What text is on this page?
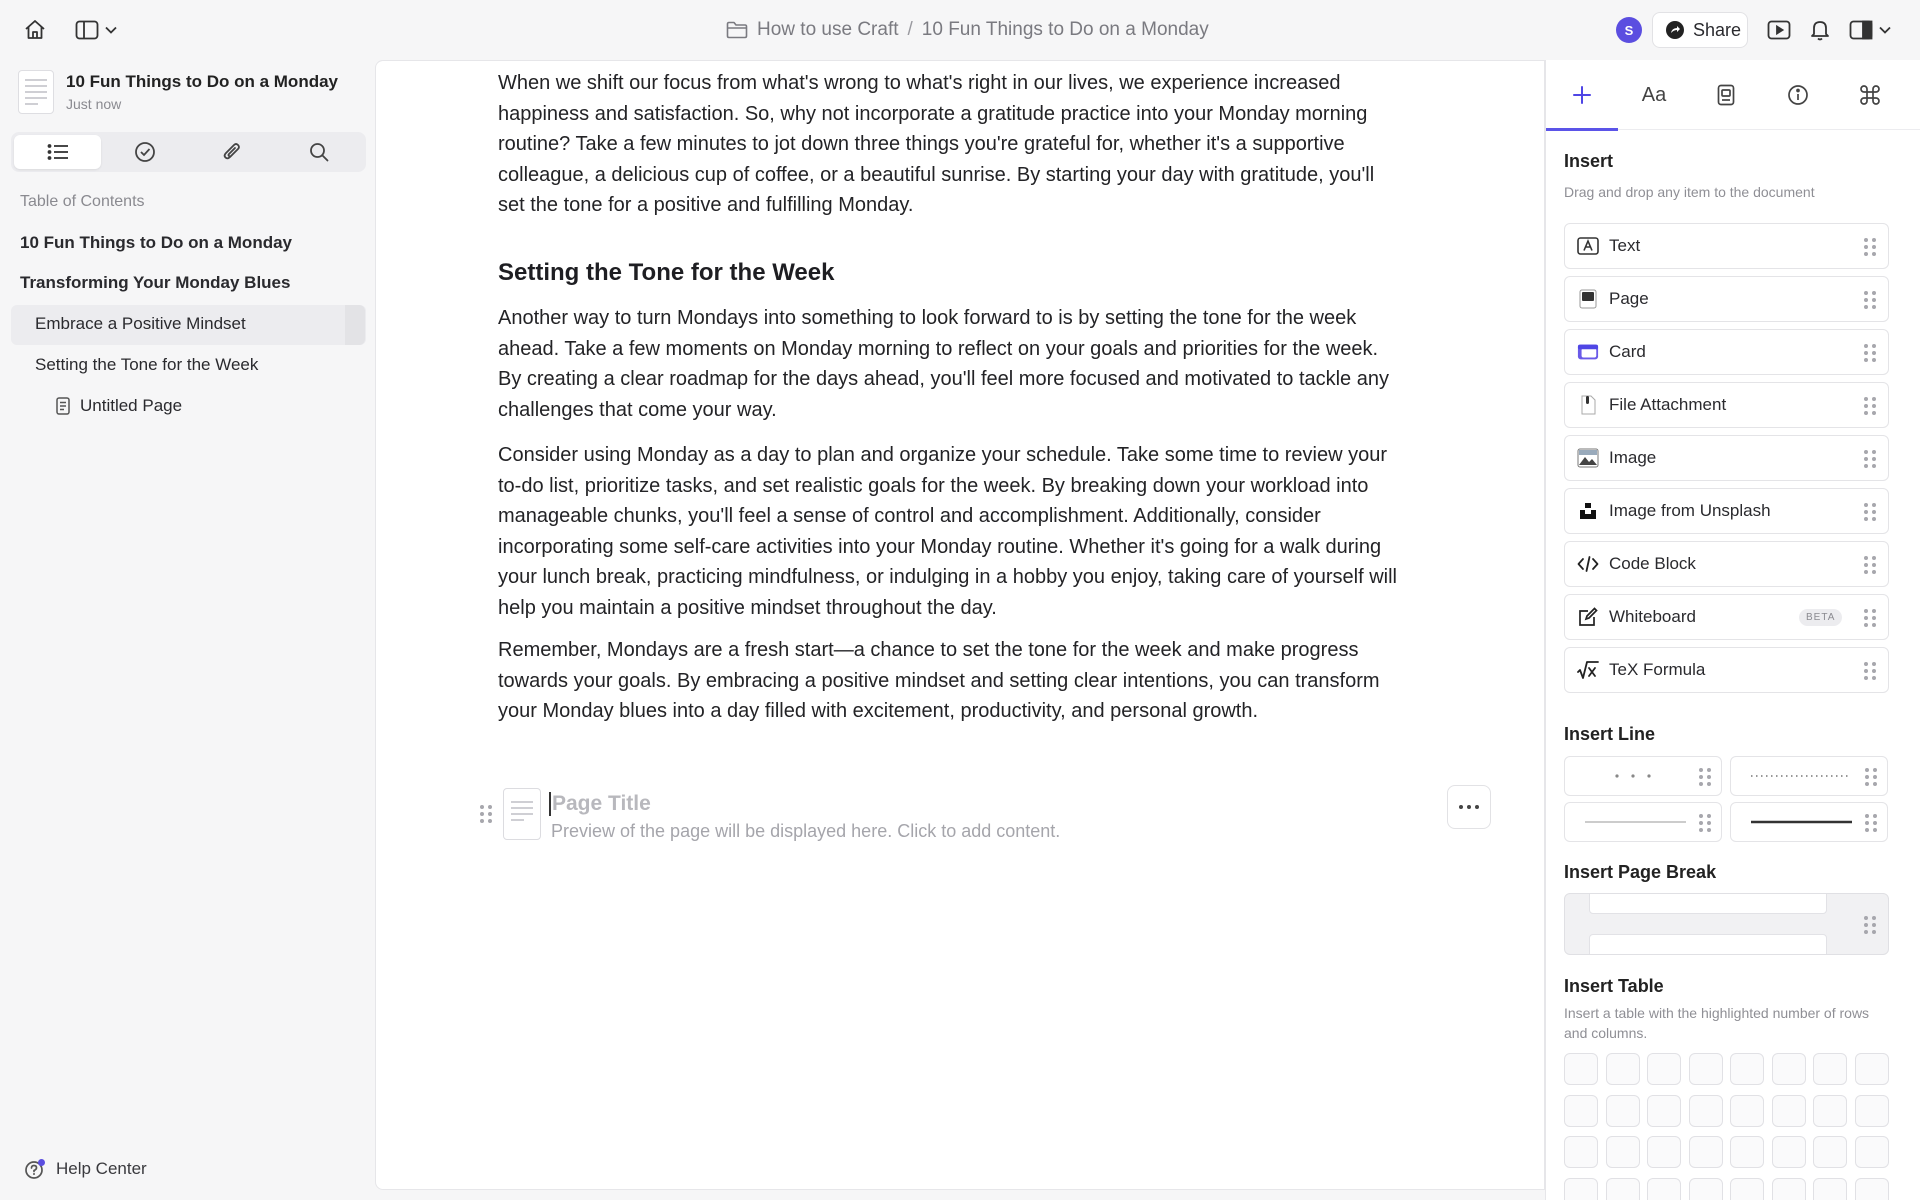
How to use Craft / 10 Fun Things to Do on a Monday	S	Share
10 Fun Things to Do on a Monday
Just now
Table of Contents
10 Fun Things to Do on a Monday
Transforming Your Monday Blues
Embrace a Positive Mindset
Setting the Tone for the Week
Untitled Page
Help Center
When we shift our focus from what's wrong to what's right in our lives, we experience increased
happiness and satisfaction. So, why not incorporate a gratitude practice into your Monday morning
routine? Take a few minutes to jot down three things you're grateful for, whether it's a supportive
colleague, a delicious cup of coffee, or a beautiful sunrise. By starting your day with gratitude, you'll
set the tone for a positive and fulfilling Monday.
Setting the Tone for the Week
Another way to turn Mondays into something to look forward to is by setting the tone for the week
ahead. Take a few moments on Monday morning to reflect on your goals and priorities for the week.
By creating a clear roadmap for the days ahead, you'll feel more focused and motivated to tackle any
challenges that come your way.
Consider using Monday as a day to plan and organize your schedule. Take some time to review your
to-do list, prioritize tasks, and set realistic goals for the week. By breaking down your workload into
manageable chunks, you'll feel a sense of control and accomplishment. Additionally, consider
incorporating some self-care activities into your Monday routine. Whether it's going for a walk during
your lunch break, practicing mindfulness, or indulging in a hobby you enjoy, taking care of yourself will
help you maintain a positive mindset throughout the day.
Remember, Mondays are a fresh start—a chance to set the tone for the week and make progress
towards your goals. By embracing a positive mindset and setting clear intentions, you can transform
your Monday blues into a day filled with excitement, productivity, and personal growth.
Page Title
Preview of the page will be displayed here. Click to add content.
Aa
Insert
Drag and drop any item to the document
Text
Page
Card
File Attachment
Image
Image from Unsplash
Code Block
Whiteboard	BETA
TeX Formula
Insert Line
Insert Page Break
Insert Table
Insert a table with the highlighted number of rows and columns.
